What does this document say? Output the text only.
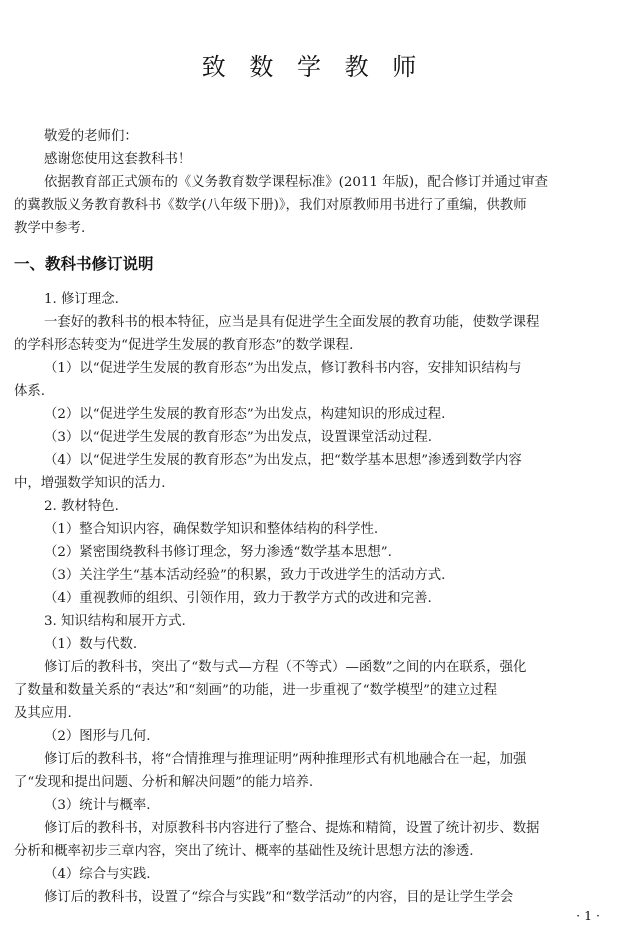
致 数 学 教 师
敬爱的老师们：
感谢您使用这套教科书！
依据教育部正式颁布的《义务教育数学课程标准》(2011 年版)，配合修订并通过审查
的冀教版义务教育教科书《数学(八年级下册)》，我们对原教师用书进行了重编，供教师
教学中参考.
一、教科书修订说明
1. 修订理念.
一套好的教科书的根本特征，应当是具有促进学生全面发展的教育功能，使数学课程
的学科形态转变为“促进学生发展的教育形态”的数学课程.
（1）以“促进学生发展的教育形态”为出发点，修订教科书内容，安排知识结构与
体系.
（2）以“促进学生发展的教育形态”为出发点，构建知识的形成过程.
（3）以“促进学生发展的教育形态”为出发点，设置课堂活动过程.
（4）以“促进学生发展的教育形态”为出发点，把“数学基本思想”渗透到数学内容
中，增强数学知识的活力.
2. 教材特色.
（1）整合知识内容，确保数学知识和整体结构的科学性.
（2）紧密围绕教科书修订理念，努力渗透“数学基本思想”.
（3）关注学生“基本活动经验”的积累，致力于改进学生的活动方式.
（4）重视教师的组织、引领作用，致力于教学方式的改进和完善.
3. 知识结构和展开方式.
（1）数与代数.
修订后的教科书，突出了“数与式—方程（不等式）—函数”之间的内在联系，强化
了数量和数量关系的“表达”和“刻画”的功能，进一步重视了“数学模型”的建立过程
及其应用.
（2）图形与几何.
修订后的教科书，将“合情推理与推理证明”两种推理形式有机地融合在一起，加强
了“发现和提出问题、分析和解决问题”的能力培养.
（3）统计与概率.
修订后的教科书，对原教科书内容进行了整合、提炼和精简，设置了统计初步、数据
分析和概率初步三章内容，突出了统计、概率的基础性及统计思想方法的渗透.
（4）综合与实践.
修订后的教科书，设置了“综合与实践”和“数学活动”的内容，目的是让学生学会
· 1 ·
